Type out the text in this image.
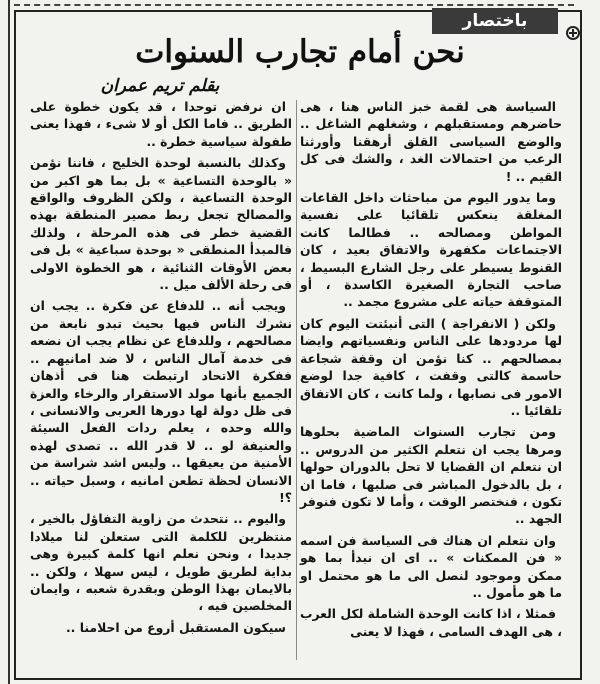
باختصار
نحن أمام تجارب السنوات
بقلم تريم عمران

السياسة هى لقمة خبز الناس هنا ، هى حاضرهم ومستقبلهم ، وشغلهم الشاغل .. والوضع السياسى القلق أرهقنا وأورثنا الرعب من احتمالات الغد ، والشك فى كل القيم .. !

وما يدور اليوم من مباحثات داخل القاعات المغلقة ينعكس تلقائيا على نفسية المواطن ومصالحه .. فطالما كانت الاجتماعات مكفهرة والاتفاق بعيد ، كان القنوط يسيطر على رجل الشارع البسيط ، صاحب التجارة الصغيرة الكاسدة ، أو المتوقفة حياته على مشروع مجمد ..

ولكن ( الانفراجة ) التى أنبئتت اليوم كان لها مردودها على الناس ونفسياتهم وايضا بمصالحهم .. كنا نؤمن ان وقفة شجاعة حاسمة كالتى وقفت ، كافية جدا لوضع الامور فى نصابها ، ولما كانت ، كان الاتفاق تلقائيا ..

ومن تجارب السنوات الماضية بحلوها ومرها يجب ان نتعلم الكثير من الدروس .. ان نتعلم ان القضايا لا تحل بالدوران حولها ، بل بالدخول المباشر فى صلبها ، فاما ان تكون ، فنختصر الوقت ، وأما لا تكون فنوفر الجهد ..

وان نتعلم ان هناك فى السياسة فن اسمه « فن الممكنات » .. اى ان نبدأ بما هو ممكن وموجود لنصل الى ما هو محتمل او ما هو مأمول ..

فمثلا ، اذا كانت الوحدة الشاملة لكل العرب ، هى الهدف السامى ، فهذا لا يعنى

ان نرفض توحدا ، قد يكون خطوة على الطريق .. فاما الكل أو لا شىء ، فهذا يعنى طفولة سياسية خطرة ..

وكذلك بالنسبة لوحدة الخليج ، فاننا نؤمن « بالوحدة التساعية » بل بما هو اكبر من الوحدة التساعية ، ولكن الظروف والواقع والمصالح تجعل ربط مصير المنطقة بهذه القضية خطر فى هذه المرحلة ، ولذلك فالمبدأ المنطقى « بوحدة سباعية » بل فى بعض الأوقات الثنائية ، هو الخطوة الاولى فى رحلة الألف ميل ..

ويجب أنه .. للدفاع عن فكرة .. يجب ان نشرك الناس فيها بحيث تبدو نابعة من مصالحهم ، وللدفاع عن نظام يجب ان نضعه فى خدمة آمال الناس ، لا ضد امانيهم .. ففكرة الاتحاد ارتبطت هنا فى أذهان الجميع بأنها مولد الاستقرار والرخاء والعزة فى ظل دولة لها دورها العربى والانسانى ، والله وحده ، يعلم ردات الفعل السيئة والعنيفة لو .. لا قدر الله .. تصدى لهذه الأمنية من يعيقها .. وليس اشد شراسة من الانسان لحظة تطعن امانيه ، وسبل حياته .. ؟!

واليوم .. نتحدث من زاوية التفاؤل بالخير ، منتظرين للكلمة التى ستعلن لنا ميلادا جديدا ، ونحن نعلم انها كلمة كبيرة وهى بداية لطريق طويل ، ليس سهلا ، ولكن .. بالايمان بهذا الوطن وبقدرة شعبه ، وايمان المخلصين فيه ،

سيكون المستقبل أروع من احلامنا ..
